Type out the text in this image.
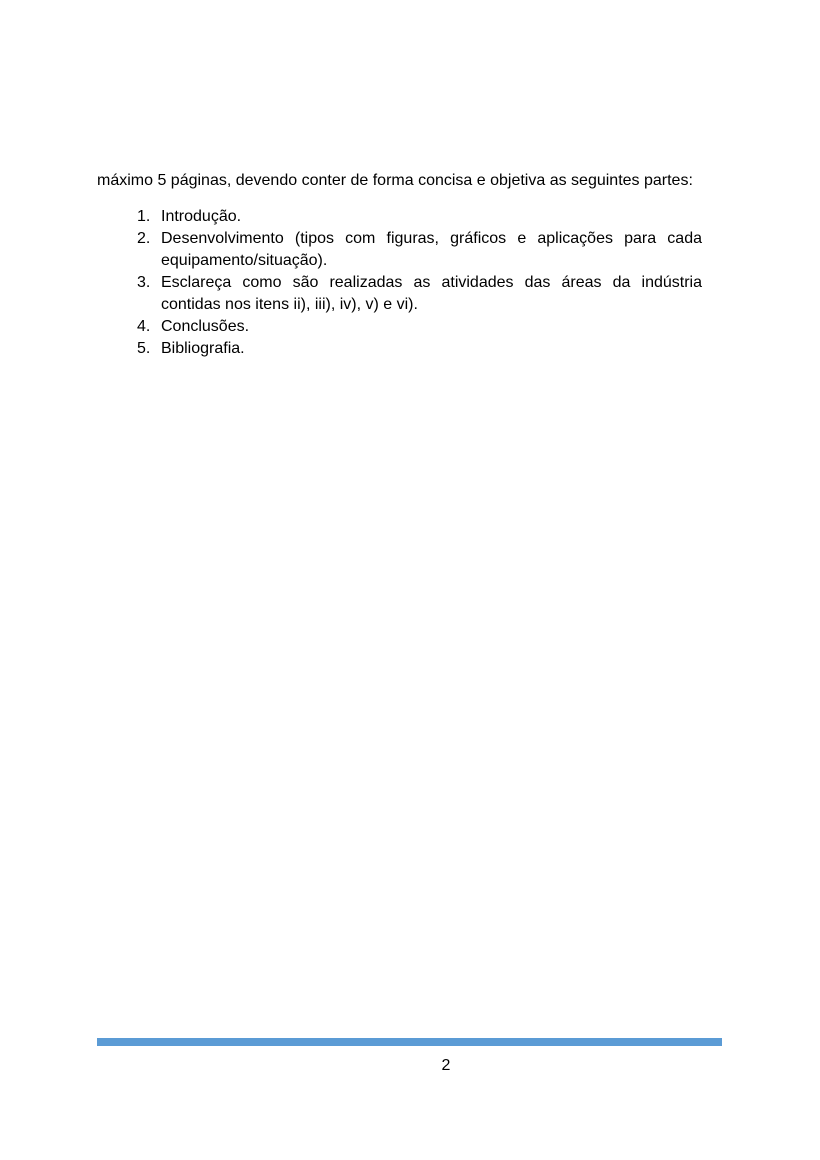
máximo 5 páginas, devendo conter de forma concisa e objetiva as seguintes partes:

1. Introdução.
2. Desenvolvimento (tipos com figuras, gráficos e aplicações para cada equipamento/situação).
3. Esclareça como são realizadas as atividades das áreas da indústria contidas nos itens ii), iii), iv), v) e vi).
4. Conclusões.
5. Bibliografia.
2
